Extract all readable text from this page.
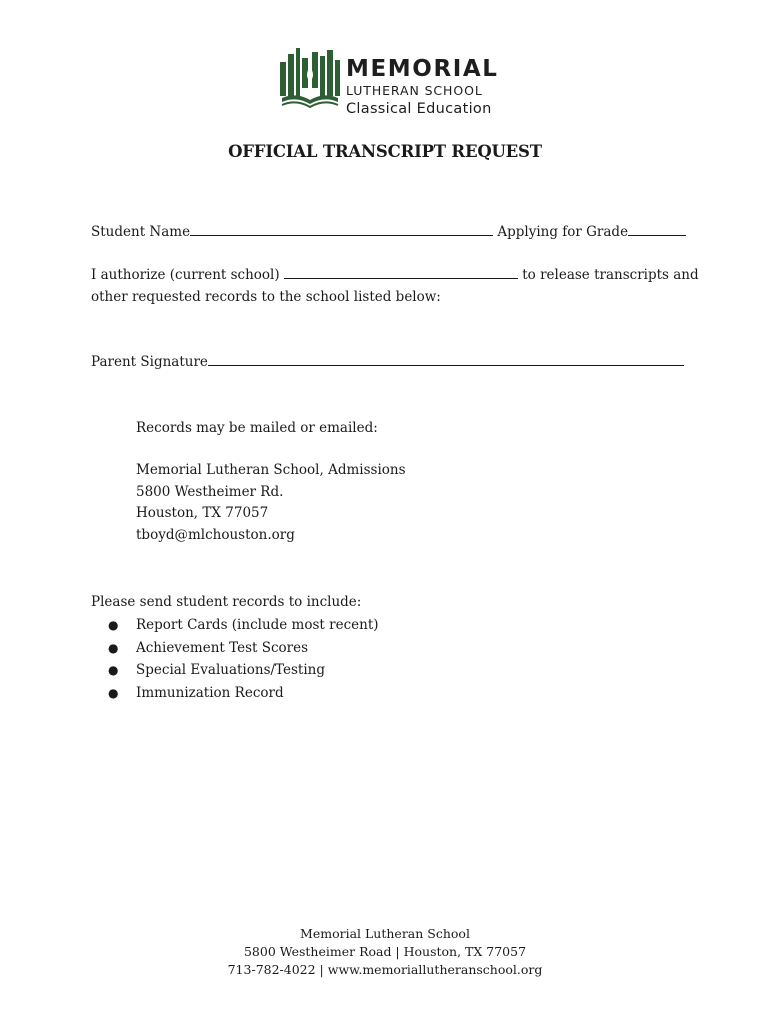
MEMORIAL
LUTHERAN SCHOOL
Classical Education
OFFICIAL TRANSCRIPT REQUEST
Student Name	Applying for Grade
I authorize (current school)	to release transcripts and
other requested records to the school listed below:
Parent Signature
Records may be mailed or emailed:
Memorial Lutheran School, Admissions
5800 Westheimer Rd.
Houston, TX 77057
tboyd@mlchouston.org
Please send student records to include:
● Report Cards (include most recent)
● Achievement Test Scores
● Special Evaluations/Testing
● Immunization Record
Memorial Lutheran School
5800 Westheimer Road | Houston, TX 77057
713-782-4022 | www.memoriallutheranschool.org
